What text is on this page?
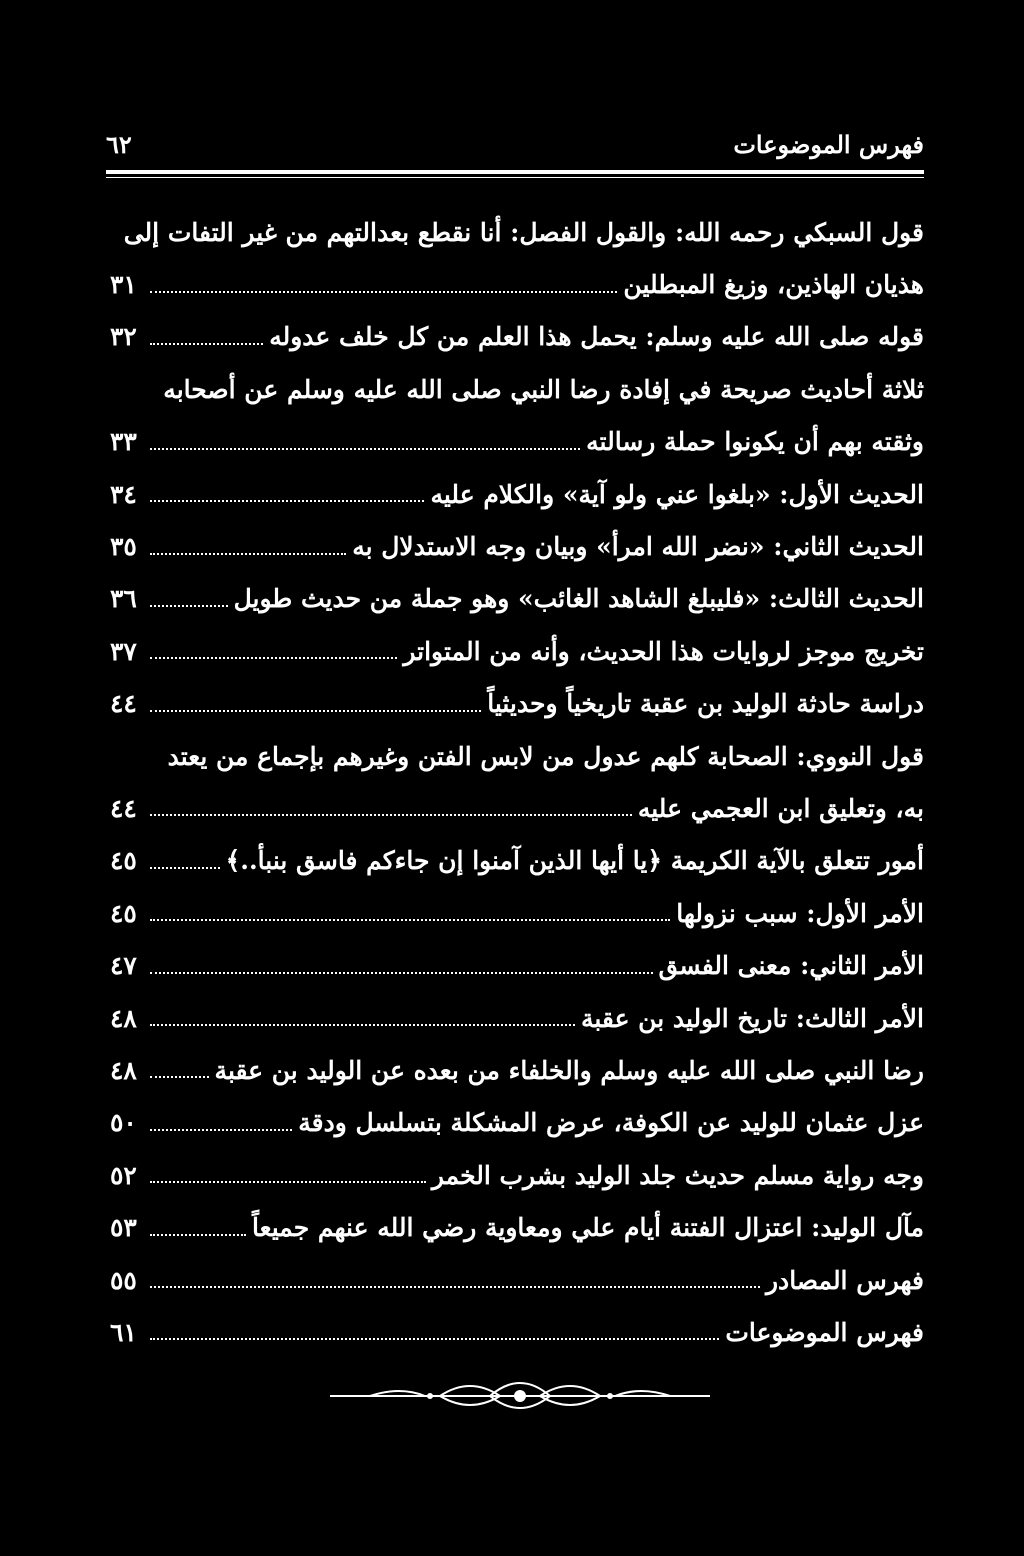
٦٢	فهرس الموضوعات
قول السبكي رحمه الله: والقول الفصل: أنا نقطع بعدالتهم من غير التفات إلى
هذيان الهاذين، وزيغ المبطلين
٣١
قوله صلى الله عليه وسلم: يحمل هذا العلم من كل خلف عدوله
٣٢
ثلاثة أحاديث صريحة في إفادة رضا النبي صلى الله عليه وسلم عن أصحابه
وثقته بهم أن يكونوا حملة رسالته
٣٣
الحديث الأول: «بلغوا عني ولو آية» والكلام عليه
٣٤
الحديث الثاني: «نضر الله امرأ» وبيان وجه الاستدلال به
٣٥
الحديث الثالث: «فليبلغ الشاهد الغائب» وهو جملة من حديث طويل
٣٦
تخريج موجز لروايات هذا الحديث، وأنه من المتواتر
٣٧
دراسة حادثة الوليد بن عقبة تاريخياً وحديثياً
٤٤
قول النووي: الصحابة كلهم عدول من لابس الفتن وغيرهم بإجماع من يعتد
به، وتعليق ابن العجمي عليه
٤٤
أمور تتعلق بالآية الكريمة ﴿يا أيها الذين آمنوا إن جاءكم فاسق بنبأ..﴾
٤٥
الأمر الأول: سبب نزولها
٤٥
الأمر الثاني: معنى الفسق
٤٧
الأمر الثالث: تاريخ الوليد بن عقبة
٤٨
رضا النبي صلى الله عليه وسلم والخلفاء من بعده عن الوليد بن عقبة
٤٨
عزل عثمان للوليد عن الكوفة، عرض المشكلة بتسلسل ودقة
٥٠
وجه رواية مسلم حديث جلد الوليد بشرب الخمر
٥٢
مآل الوليد: اعتزال الفتنة أيام علي ومعاوية رضي الله عنهم جميعاً
٥٣
فهرس المصادر
٥٥
فهرس الموضوعات
٦١
